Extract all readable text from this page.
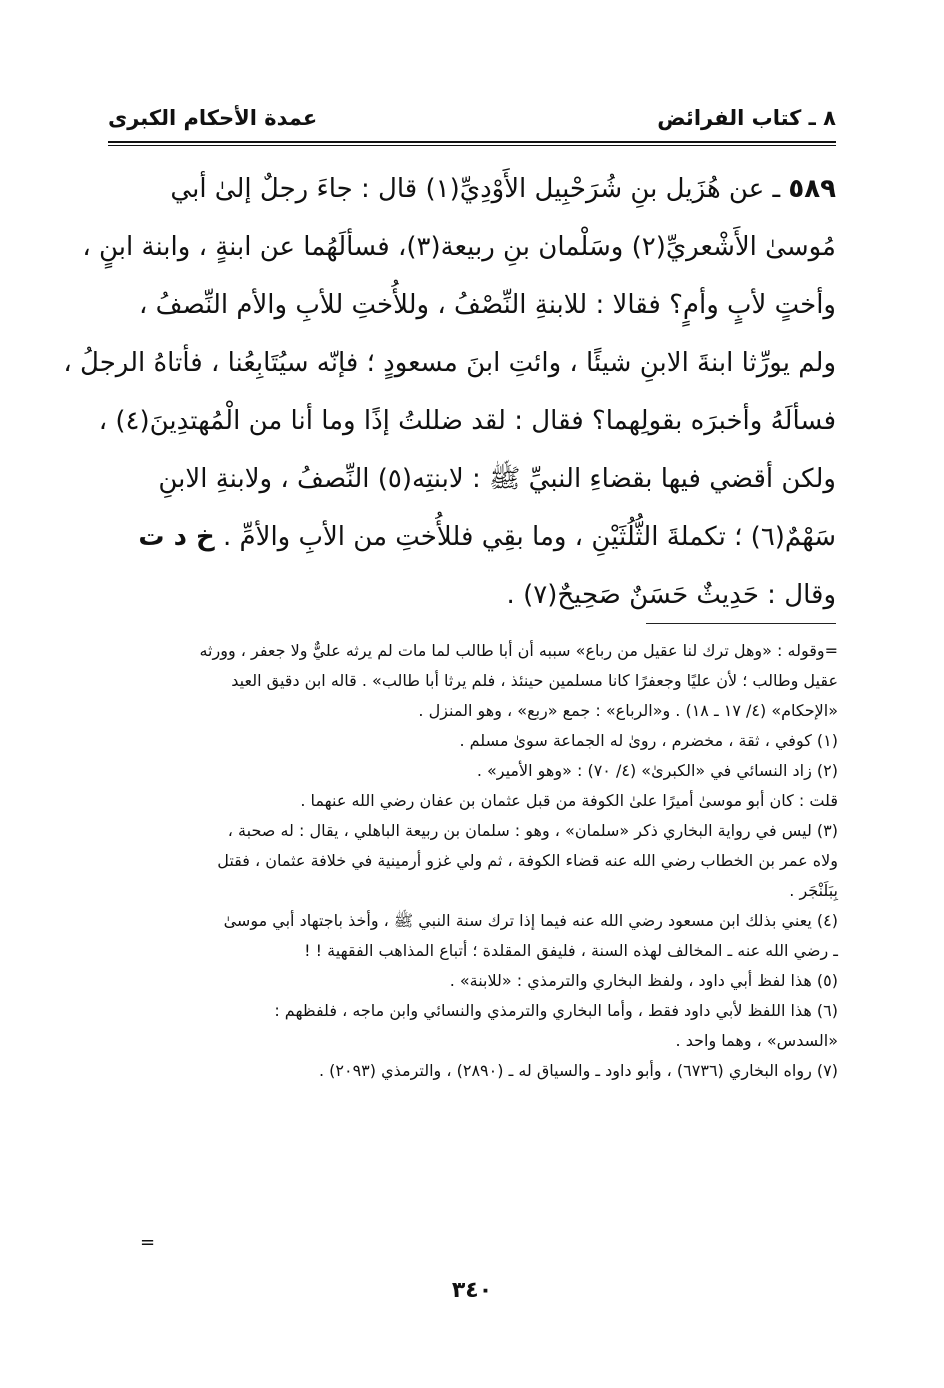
٨ ـ كتاب الفرائض
عمدة الأحكام الكبرى
٥٨٩ ـ عن هُزَيل بنِ شُرَحْبِيل الأَوْدِيِّ(١) قال : جاءَ رجلٌ إلىٰ أبي
مُوسىٰ الأَشْعريِّ(٢) وسَلْمان بنِ ربيعة(٣)، فسألَهُما عن ابنةٍ ، وابنة ابنٍ ،
وأختٍ لأبٍ وأمٍ؟ فقالا : للابنةِ النِّصْفُ ، وللأُختِ للأبِ والأم النِّصفُ ،
ولم يورِّثا ابنةَ الابنِ شيئًا ، وائتِ ابنَ مسعودٍ ؛ فإنّه سيُتَابِعُنا ، فأتاهُ الرجلُ ،
فسألَهُ وأخبرَه بقولِهما؟ فقال : لقد ضللتُ إذًا وما أنا من الْمُهتدِينَ(٤) ،
ولكن أقضي فيها بقضاءِ النبيِّ ﷺ : لابنتِه(٥) النِّصفُ ، ولابنةِ الابنِ
سَهْمٌ(٦) ؛ تكملةَ الثُّلُثَيْنِ ، وما بقِي فللأُختِ من الأبِ والأمِّ . خ د ت
وقال : حَدِيثٌ حَسَنٌ صَحِيحٌ(٧) .
=وقوله : «وهل ترك لنا عقيل من رباع» سببه أن أبا طالب لما مات لم يرثه عليٌّ ولا جعفر ، وورثه
عقيل وطالب ؛ لأن عليًا وجعفرًا كانا مسلمين حينئذ ، فلم يرثا أبا طالب» . قاله ابن دقيق العيد
«الإحكام» (٤/ ١٧ ـ ١٨) . و«الرباع» : جمع «ربع» ، وهو المنزل .
(١) كوفي ، ثقة ، مخضرم ، روىٰ له الجماعة سوىٰ مسلم .
(٢) زاد النسائي في «الكبرىٰ» (٤/ ٧٠) : «وهو الأمير» .
قلت : كان أبو موسىٰ أميرًا علىٰ الكوفة من قبل عثمان بن عفان رضي الله عنهما .
(٣) ليس في رواية البخاري ذكر «سلمان» ، وهو : سلمان بن ربيعة الباهلي ، يقال : له صحبة ،
ولاه عمر بن الخطاب رضي الله عنه قضاء الكوفة ، ثم ولي غزو أرمينية في خلافة عثمان ، فقتل
بِبَلَنْجَر .
(٤) يعني بذلك ابن مسعود رضي الله عنه فيما إذا ترك سنة النبي ﷺ ، وأخذ باجتهاد أبي موسىٰ
ـ رضي الله عنه ـ المخالف لهذه السنة ، فليفق المقلدة ؛ أتباع المذاهب الفقهية ! !
(٥) هذا لفظ أبي داود ، ولفظ البخاري والترمذي : «للابنة» .
(٦) هذا اللفظ لأبي داود فقط ، وأما البخاري والترمذي والنسائي وابن ماجه ، فلفظهم :
«السدس» ، وهما واحد .
(٧) رواه البخاري (٦٧٣٦) ، وأبو داود ـ والسياق له ـ (٢٨٩٠) ، والترمذي (٢٠٩٣) .
=
٣٤٠
